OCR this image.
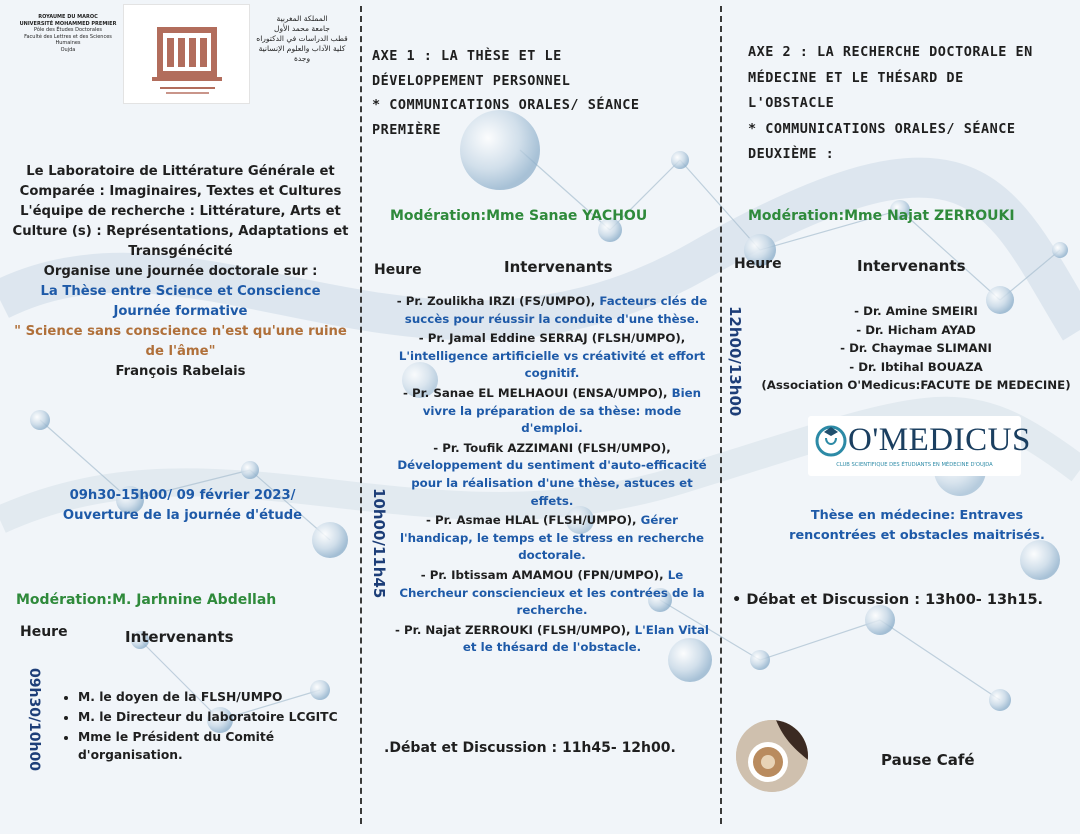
ROYAUME DU MAROC
UNIVERSITÉ MOHAMMED PREMIER
Pôle des Études Doctorales
Faculté des Lettres et des Sciences Humaines
Oujda
المملكة المغربية
جامعة محمد الأول
قطب الدراسات في الدكتوراه
كلية الآداب والعلوم الإنسانية
وجدة
Le Laboratoire de Littérature Générale et
Comparée : Imaginaires, Textes et Cultures
L'équipe de recherche : Littérature, Arts et
Culture (s) : Représentations, Adaptations et
Transgénécité
Organise une journée doctorale sur :
La Thèse entre Science et Conscience
Journée formative
" Science sans conscience n'est qu'une ruine de l'âme"
François Rabelais
09h30-15h00/ 09 février 2023/
Ouverture de la journée d'étude
Modération:M. Jarhnine Abdellah
Heure	Intervenants
09h30/10h00
•	M. le doyen de la FLSH/UMPO
• M. le Directeur du laboratoire LCGITC
• Mme le Président du Comité d'organisation.
AXE 1 : LA THÈSE ET LE
DÉVELOPPEMENT PERSONNEL
* COMMUNICATIONS ORALES/ SÉANCE
PREMIÈRE
Modération:Mme Sanae YACHOU
Heure	Intervenants
10h00/11h45
- Pr. Zoulikha IRZI (FS/UMPO), Facteurs clés de succès pour réussir la conduite d'une thèse.
- Pr. Jamal Eddine SERRAJ (FLSH/UMPO), L'intelligence artificielle vs créativité et effort cognitif.
- Pr. Sanae EL MELHAOUI (ENSA/UMPO), Bien vivre la préparation de sa thèse: mode d'emploi.
- Pr. Toufik AZZIMANI (FLSH/UMPO), Développement du sentiment d'auto-efficacité pour la réalisation d'une thèse, astuces et effets.
- Pr. Asmae HLAL (FLSH/UMPO), Gérer l'handicap, le temps et le stress en recherche doctorale.
- Pr. Ibtissam AMAMOU (FPN/UMPO), Le Chercheur consciencieux et les contrées de la recherche.
- Pr. Najat ZERROUKI (FLSH/UMPO), L'Elan Vital et le thésard de l'obstacle.
.Débat et Discussion : 11h45- 12h00.
AXE 2 : LA RECHERCHE DOCTORALE EN
MÉDECINE ET LE THÉSARD DE
L'OBSTACLE
* COMMUNICATIONS ORALES/ SÉANCE
DEUXIÈME :
Modération:Mme Najat ZERROUKI
Heure	Intervenants
12h00/13h00	- Dr. Amine SMEIRI
- Dr. Hicham AYAD
- Dr. Chaymae SLIMANI
- Dr. Ibtihal BOUAZA
(Association O'Medicus:FACUTE DE MEDECINE)
O'MEDICUS
CLUB SCIENTIFIQUE DES ÉTUDIANTS EN MÉDECINE D'OUJDA
Thèse en médecine: Entraves rencontrées et obstacles maitrisés.
• Débat et Discussion : 13h00- 13h15.
Pause Café
